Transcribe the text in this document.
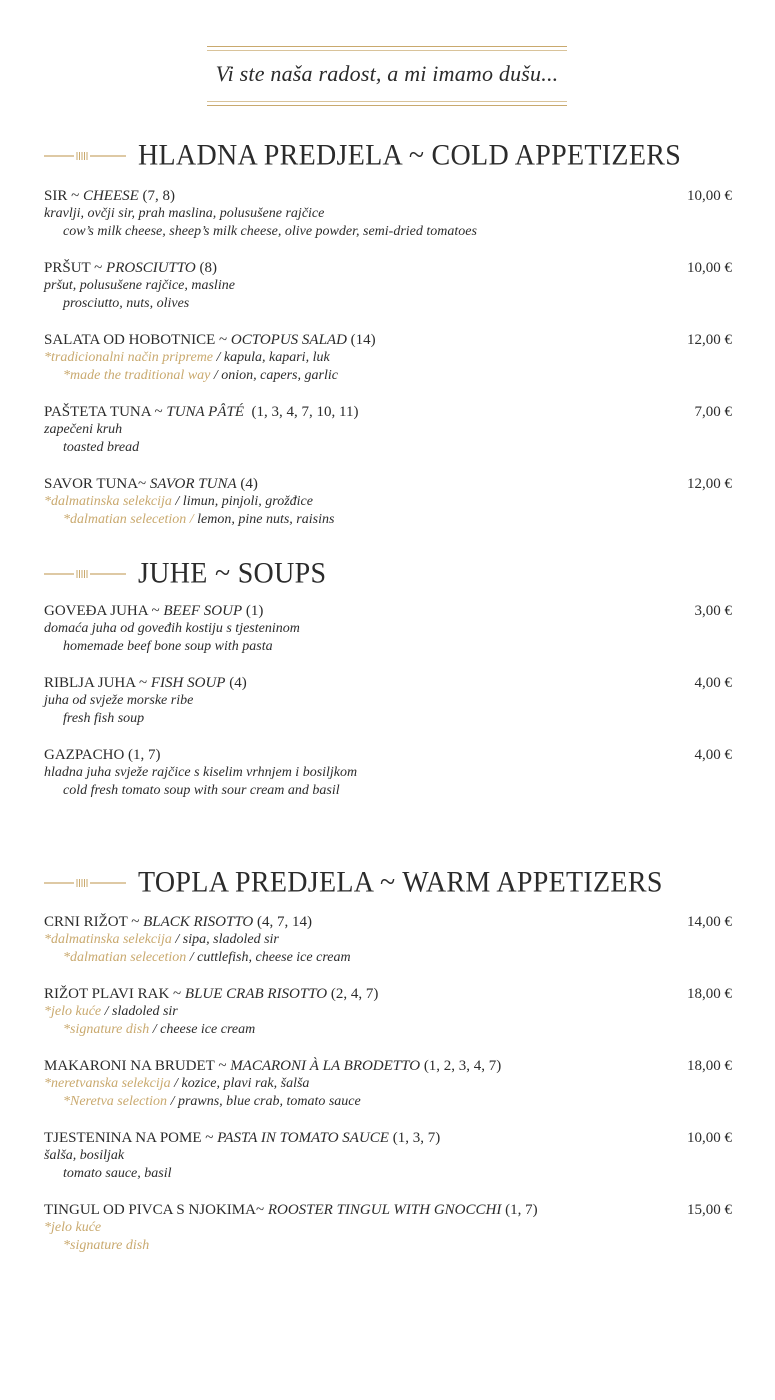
Vi ste naša radost, a mi imamo dušu...
HLADNA PREDJELA ~ COLD APPETIZERS
SIR ~ CHEESE (7, 8)	10,00 €
kravlji, ovčji sir, prah maslina, polusušene rajčice
cow’s milk cheese, sheep’s milk cheese, olive powder, semi-dried tomatoes
PRŠUT ~ PROSCIUTTO (8)	10,00 €
pršut, polusušene rajčice, masline
prosciutto, nuts, olives
SALATA OD HOBOTNICE ~ OCTOPUS SALAD (14)	12,00 €
*tradicionalni način pripreme / kapula, kapari, luk
*made the traditional way / onion, capers, garlic
PAŠTETA TUNA ~ TUNA PÂTÉ  (1, 3, 4, 7, 10, 11)	7,00 €
zapečeni kruh
toasted bread
SAVOR TUNA~ SAVOR TUNA (4)	12,00 €
*dalmatinska selekcija / limun, pinjoli, grožđice
*dalmatian selecetion / lemon, pine nuts, raisins
JUHE ~ SOUPS
GOVEĐA JUHA ~ BEEF SOUP (1)	3,00 €
domaća juha od goveđih kostiju s tjesteninom
homemade beef bone soup with pasta
RIBLJA JUHA ~ FISH SOUP (4)	4,00 €
juha od svježe morske ribe
fresh fish soup
GAZPACHO (1, 7)	4,00 €
hladna juha svježe rajčice s kiselim vrhnjem i bosiljkom
cold fresh tomato soup with sour cream and basil
TOPLA PREDJELA ~ WARM APPETIZERS
CRNI RIŽOT ~ BLACK RISOTTO (4, 7, 14)	14,00 €
*dalmatinska selekcija / sipa, sladoled sir
*dalmatian selecetion / cuttlefish, cheese ice cream
RIŽOT PLAVI RAK ~ BLUE CRAB RISOTTO (2, 4, 7)	18,00 €
*jelo kuće / sladoled sir
*signature dish / cheese ice cream
MAKARONI NA BRUDET ~ MACARONI À LA BRODETTO (1, 2, 3, 4, 7)	18,00 €
*neretvanska selekcija / kozice, plavi rak, šalša
*Neretva selection / prawns, blue crab, tomato sauce
TJESTENINA NA POME ~ PASTA IN TOMATO SAUCE (1, 3, 7)	10,00 €
šalša, bosiljak
tomato sauce, basil
TINGUL OD PIVCA S NJOKIMA~ ROOSTER TINGUL WITH GNOCCHI (1, 7)	15,00 €
*jelo kuće
*signature dish
